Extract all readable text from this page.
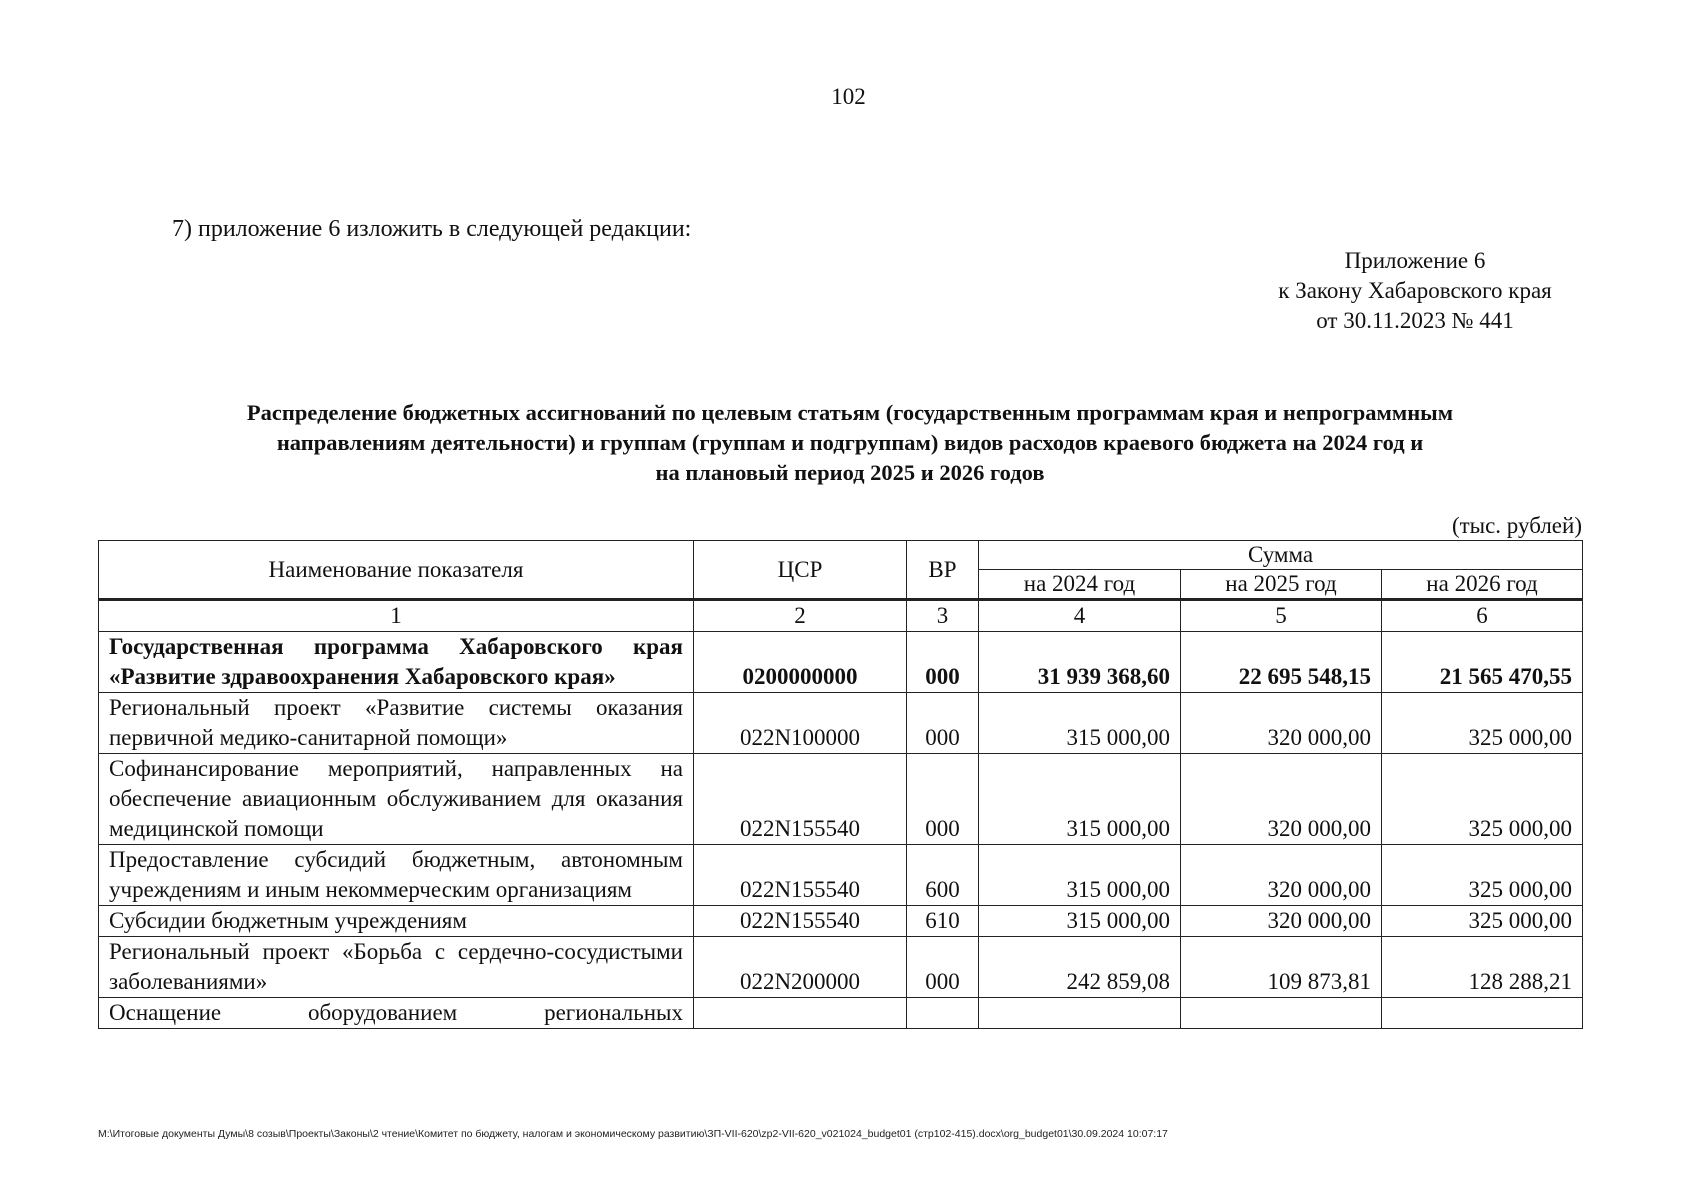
102
7) приложение 6 изложить в следующей редакции:
Приложение 6
к Закону Хабаровского края
от 30.11.2023 № 441
Распределение бюджетных ассигнований по целевым статьям (государственным программам края и непрограммным
направлениям деятельности) и группам (группам и подгруппам) видов расходов краевого бюджета на 2024 год и
на плановый период 2025 и 2026 годов
(тыс. рублей)
Наименование показателя	ЦСР	ВР	Сумма		
			на 2024 год	на 2025 год	на 2026 год
1	2	3	4	5	6
Государственная программа Хабаровского края «Развитие здравоохранения Хабаровского края»	0200000000	000	31 939 368,60	22 695 548,15	21 565 470,55
Региональный проект «Развитие системы оказания первичной медико-санитарной помощи»	022N100000	000	315 000,00	320 000,00	325 000,00
Софинансирование мероприятий, направленных на обеспечение авиационным обслуживанием для оказания медицинской помощи	022N155540	000	315 000,00	320 000,00	325 000,00
Предоставление субсидий бюджетным, автономным учреждениям и иным некоммерческим организациям	022N155540	600	315 000,00	320 000,00	325 000,00
Субсидии бюджетным учреждениям	022N155540	610	315 000,00	320 000,00	325 000,00
Региональный проект «Борьба с сердечно-сосудистыми заболеваниями»	022N200000	000	242 859,08	109 873,81	128 288,21
Оснащение оборудованием региональных					
M:\Итоговые документы Думы\8 созыв\Проекты\Законы\2 чтение\Комитет по бюджету, налогам и экономическому развитию\ЗП-VII-620\zp2-VII-620_v021024_budget01 (стр102-415).docx\org_budget01\30.09.2024 10:07:17
